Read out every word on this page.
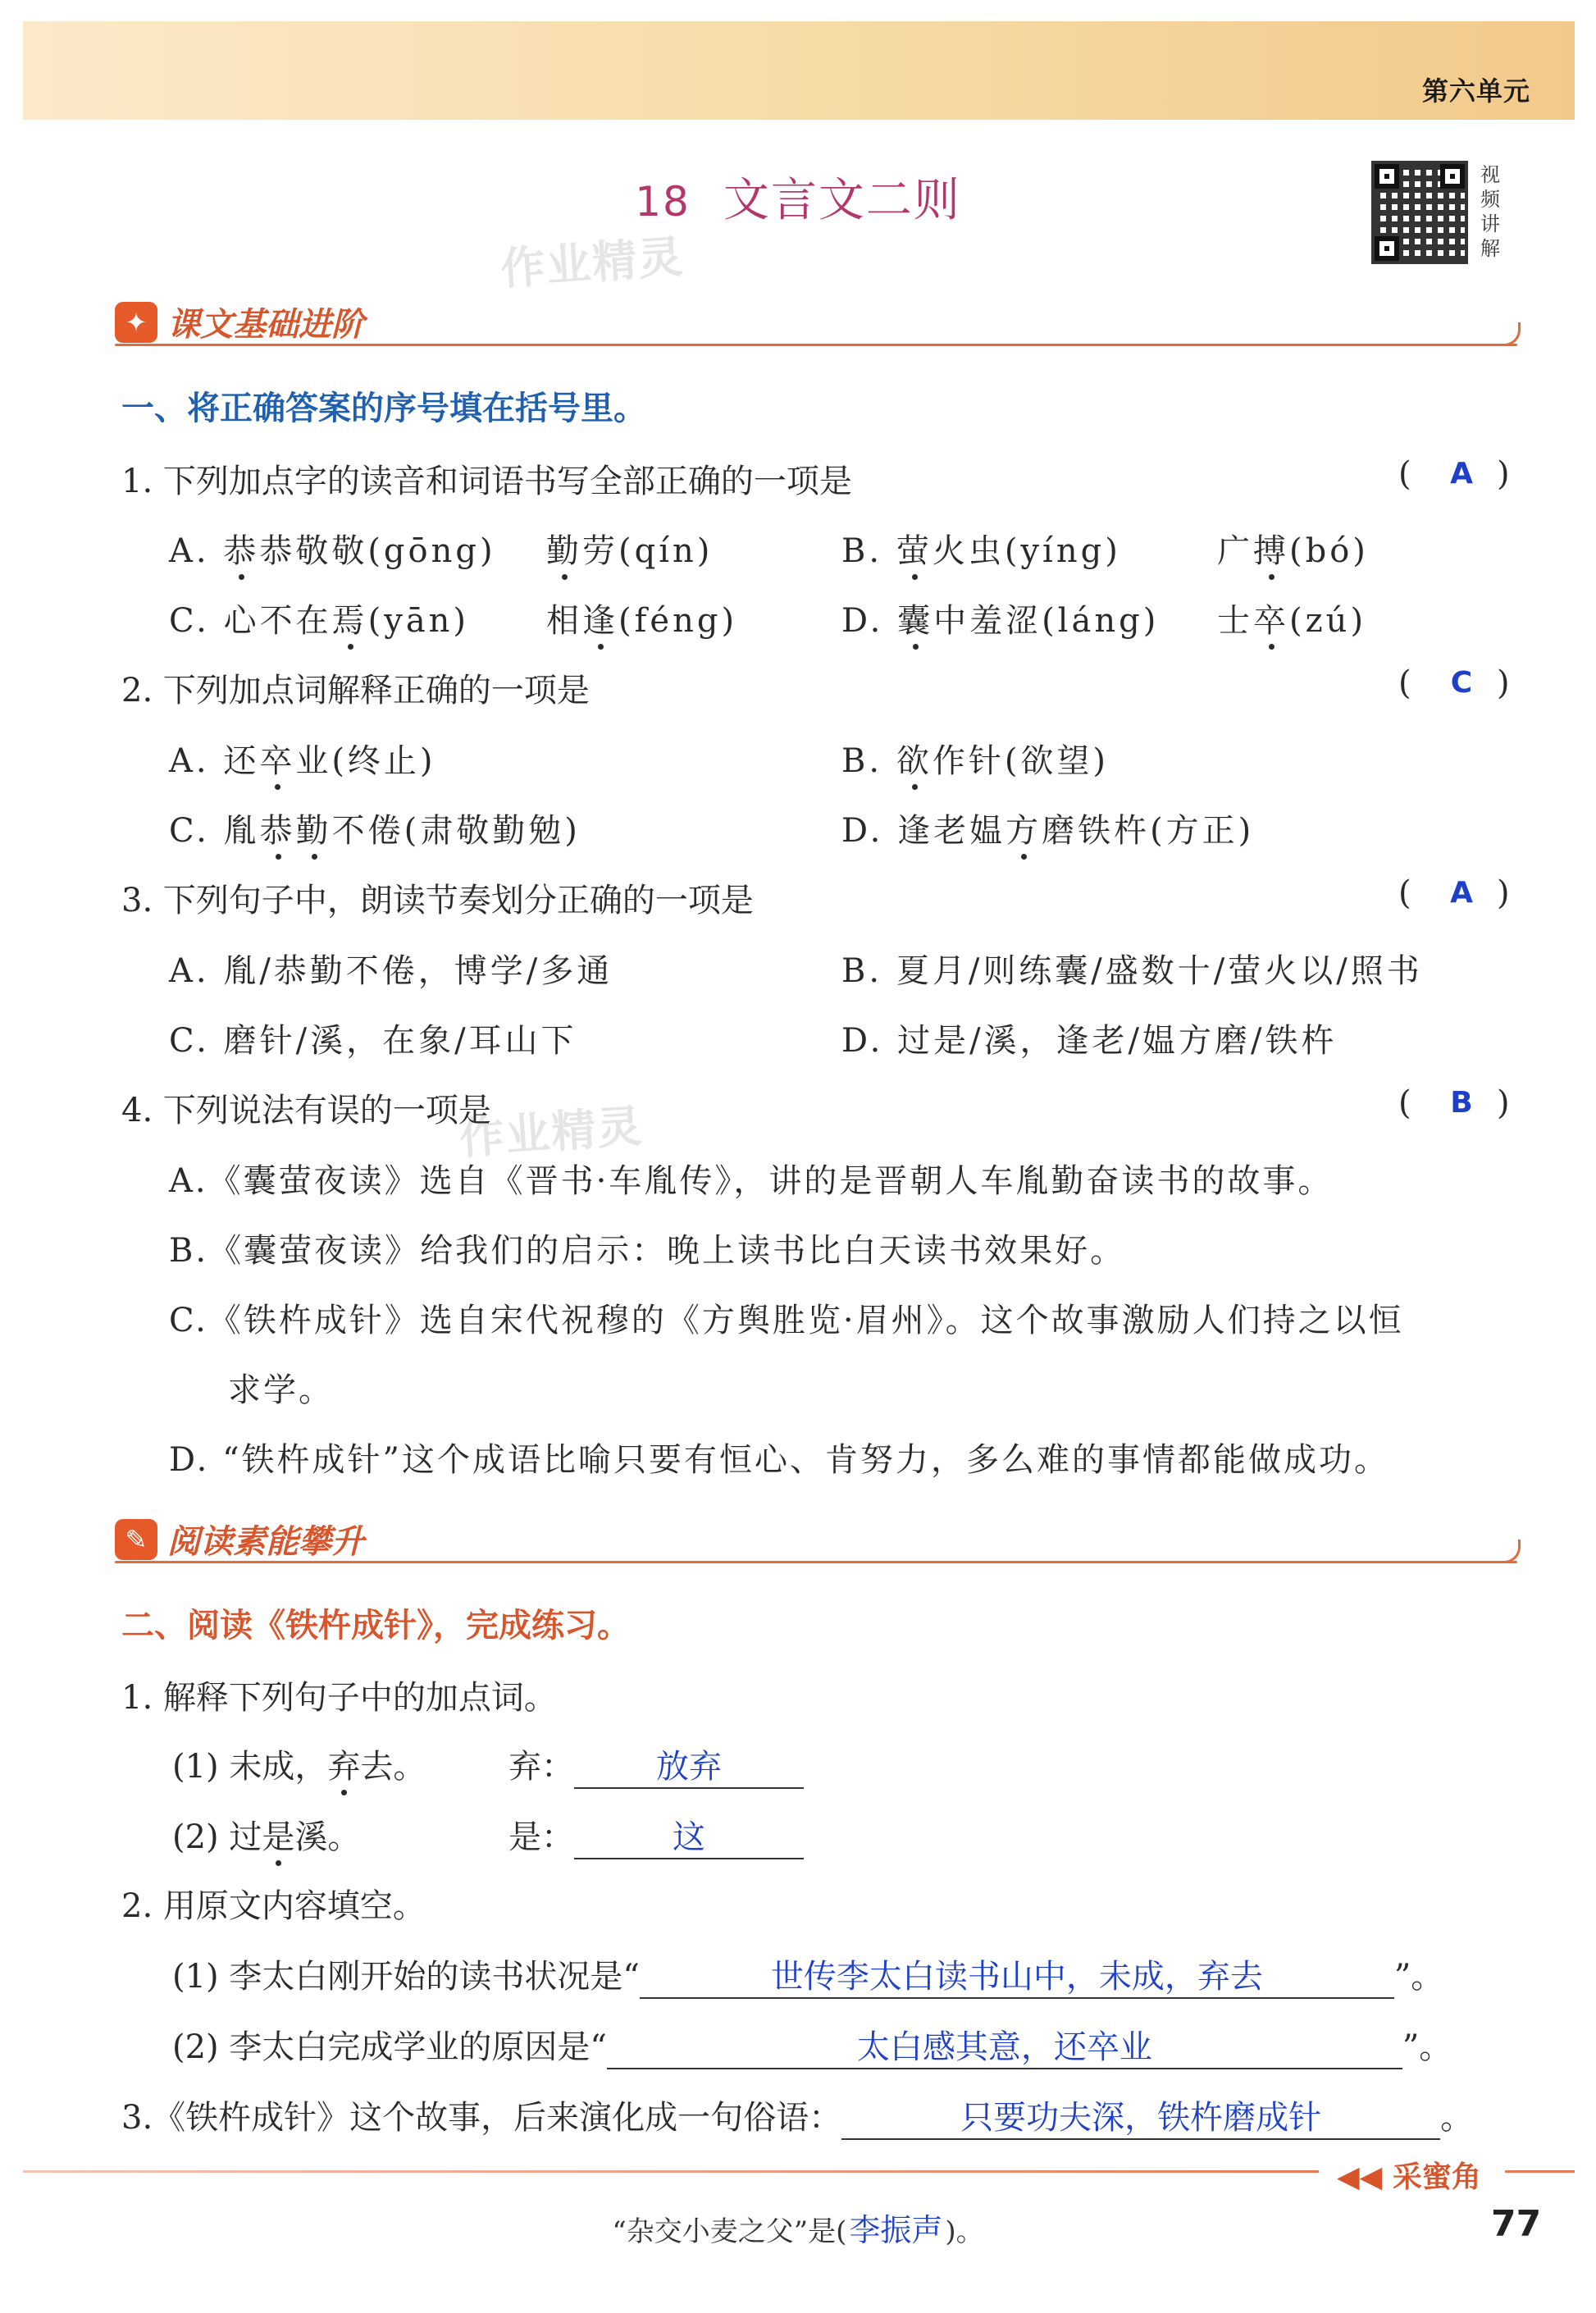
第六单元
18 文言文二则	视频讲解
作业精灵
作业精灵
✦ 课文基础进阶
一、将正确答案的序号填在括号里。
1. 下列加点字的读音和词语书写全部正确的一项是	(	A )
A. 恭恭敬敬(gōng) 勤劳(qín)	B. 萤火虫(yíng)	广搏(bó)
C. 心不在焉(yān) 相逢(féng)	D. 囊中羞涩(láng) 士卒(zú)
2. 下列加点词解释正确的一项是	(	C )
A. 还卒业(终止)	B. 欲作针(欲望)
C. 胤恭勤不倦(肃敬勤勉)	D. 逢老媪方磨铁杵(方正)
3. 下列句子中，朗读节奏划分正确的一项是	(	A )
A. 胤/恭勤不倦，博学/多通	B. 夏月/则练囊/盛数十/萤火以/照书
C. 磨针/溪，在象/耳山下	D. 过是/溪，逢老/媪方磨/铁杵
4. 下列说法有误的一项是	(	B )
A.《囊萤夜读》选自《晋书·车胤传》，讲的是晋朝人车胤勤奋读书的故事。
B.《囊萤夜读》给我们的启示：晚上读书比白天读书效果好。
C.《铁杵成针》选自宋代祝穆的《方舆胜览·眉州》。这个故事激励人们持之以恒
求学。
D. “铁杵成针”这个成语比喻只要有恒心、肯努力，多么难的事情都能做成功。
✎ 阅读素能攀升
二、阅读《铁杵成针》，完成练习。
1. 解释下列句子中的加点词。
(1) 未成，弃去。	弃：	放弃
(2) 过是溪。	是：	这
2. 用原文内容填空。
(1) 李太白刚开始的读书状况是“	世传李太白读书山中，未成，弃去	”。
(2) 李太白完成学业的原因是“	太白感其意，还卒业	”。
3.《铁杵成针》这个故事，后来演化成一句俗语：	只要功夫深，铁杵磨成针	。
◀◀ 采蜜角
“杂交小麦之父”是(李振声)。	77
